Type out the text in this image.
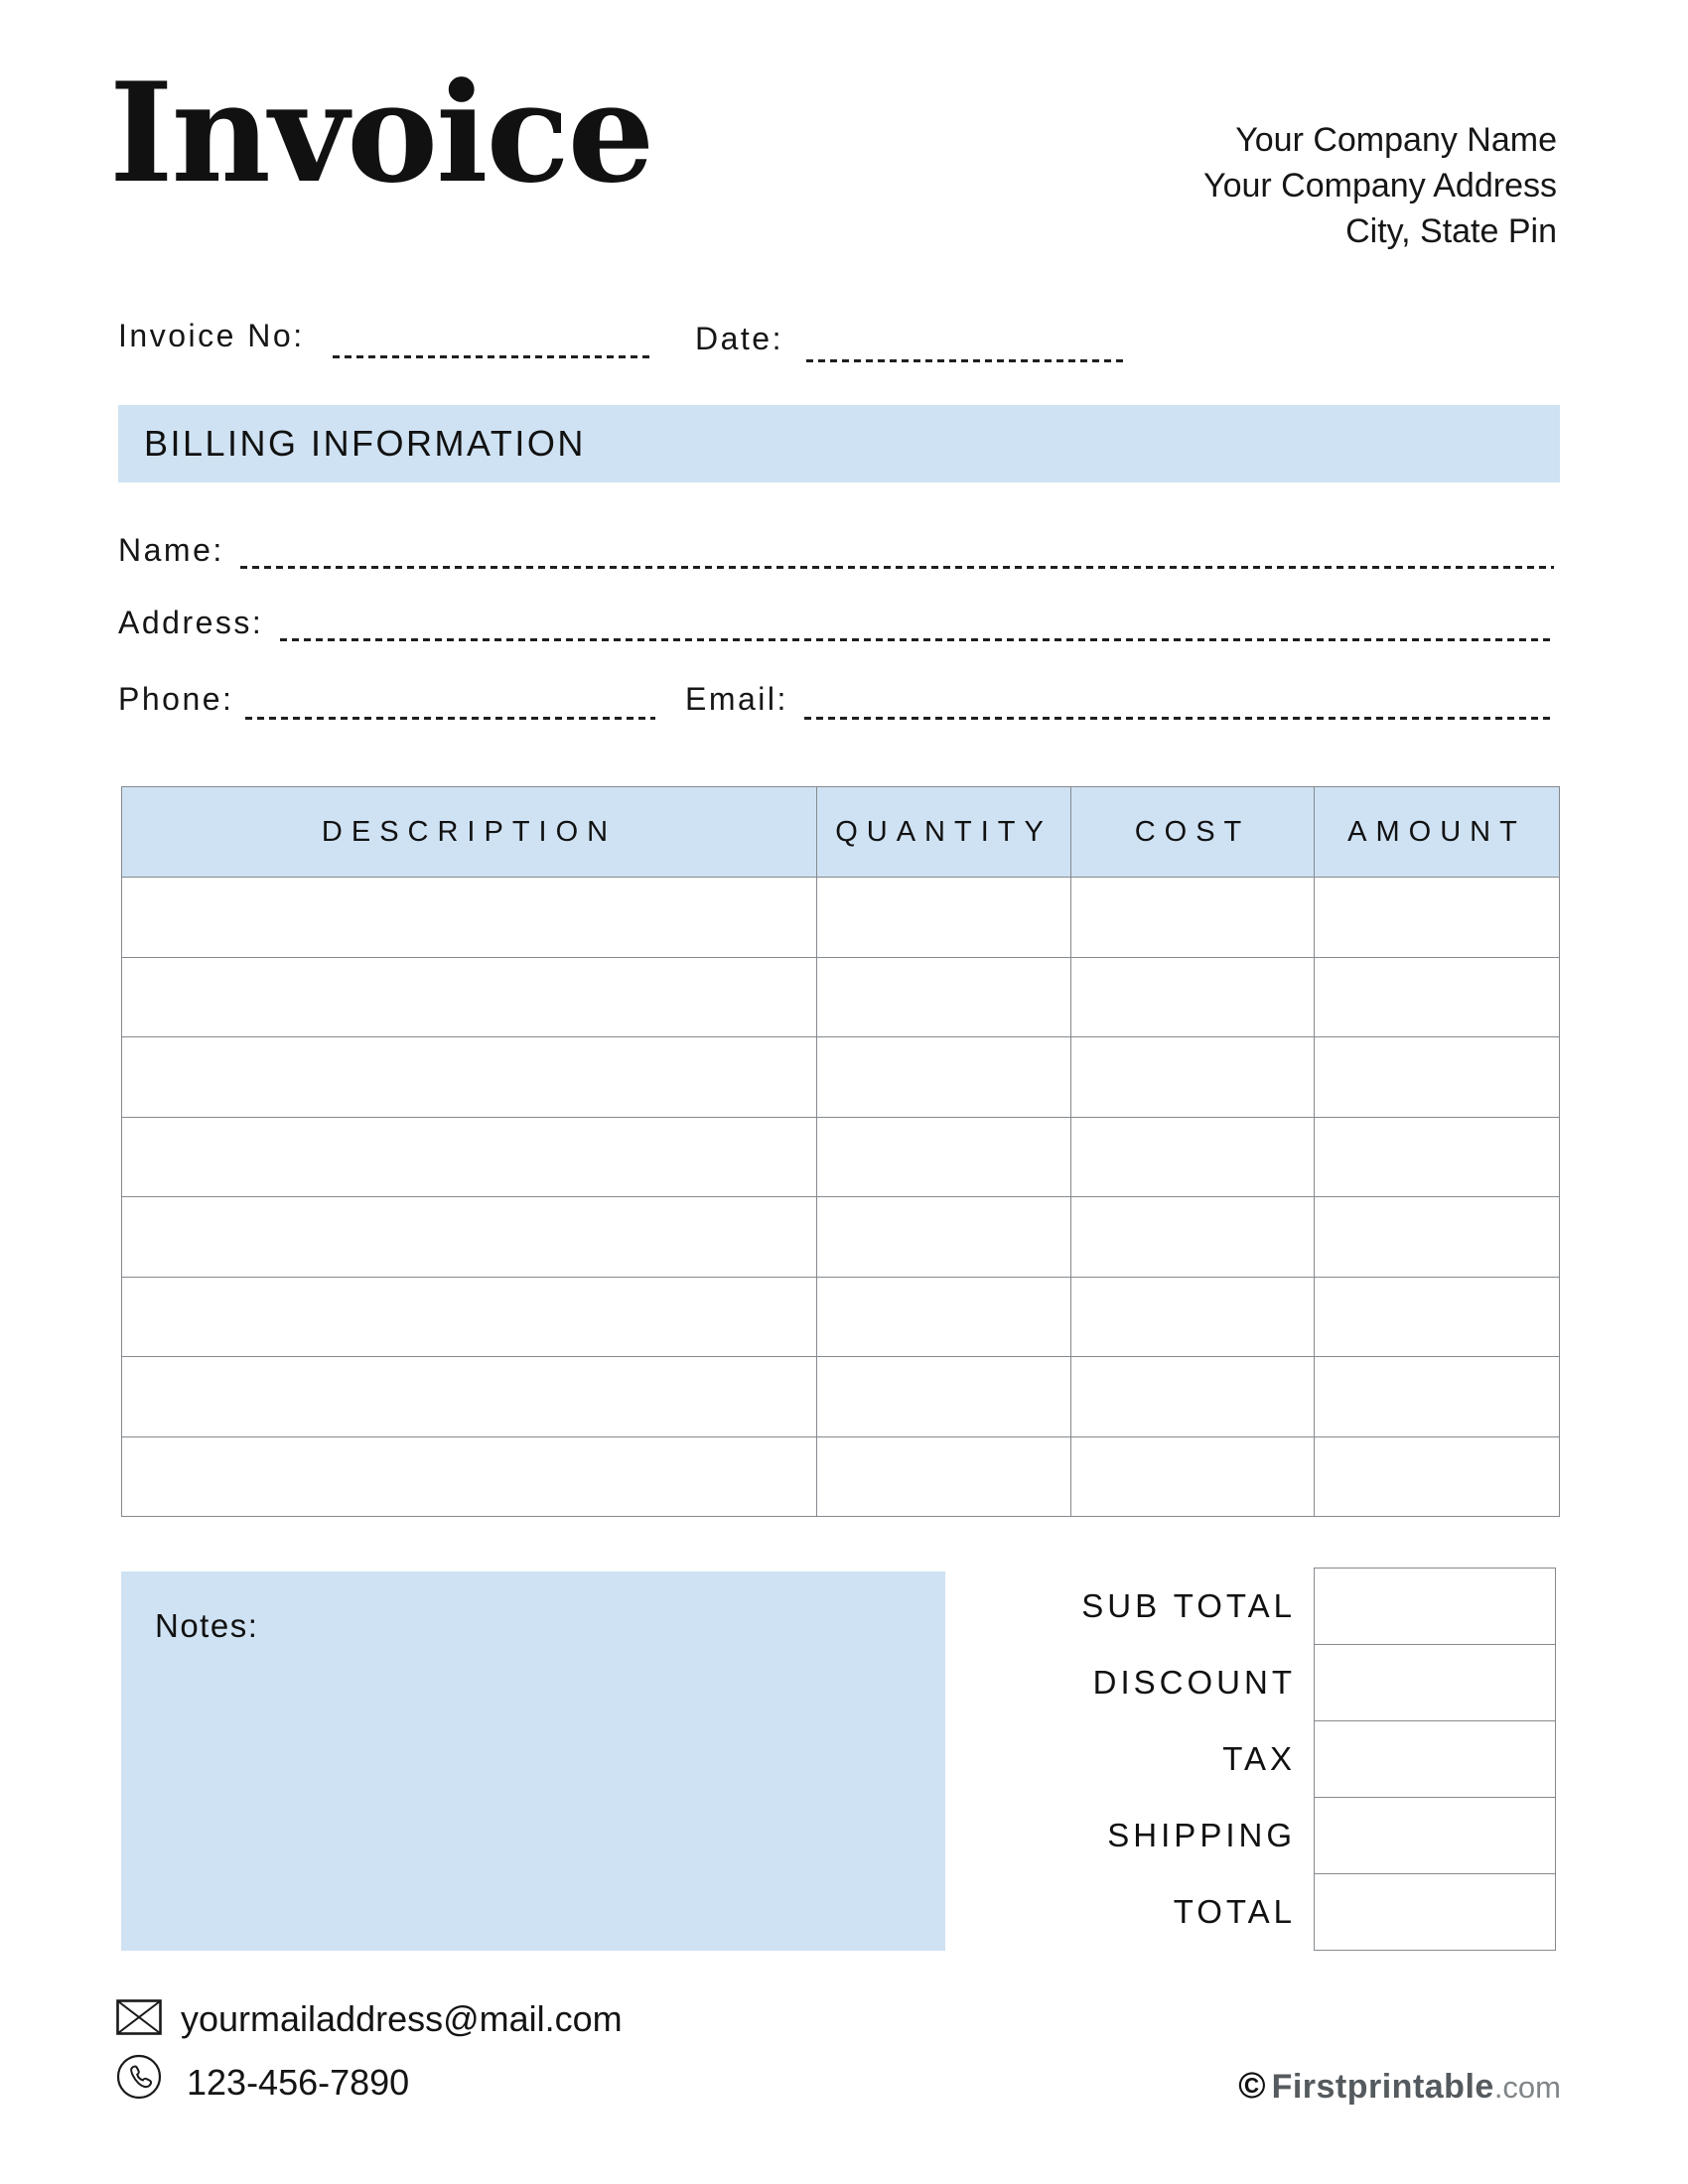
Invoice	Your Company Name
Your Company Address
City, State Pin
Invoice No:	Date:
BILLING INFORMATION
Name:
Address:
Phone:	Email:
DESCRIPTION	QUANTITY	COST	AMOUNT

Notes:
SUB TOTAL
DISCOUNT
TAX
SHIPPING
TOTAL
yourmailaddress@mail.com
123-456-7890	© Firstprintable .com
